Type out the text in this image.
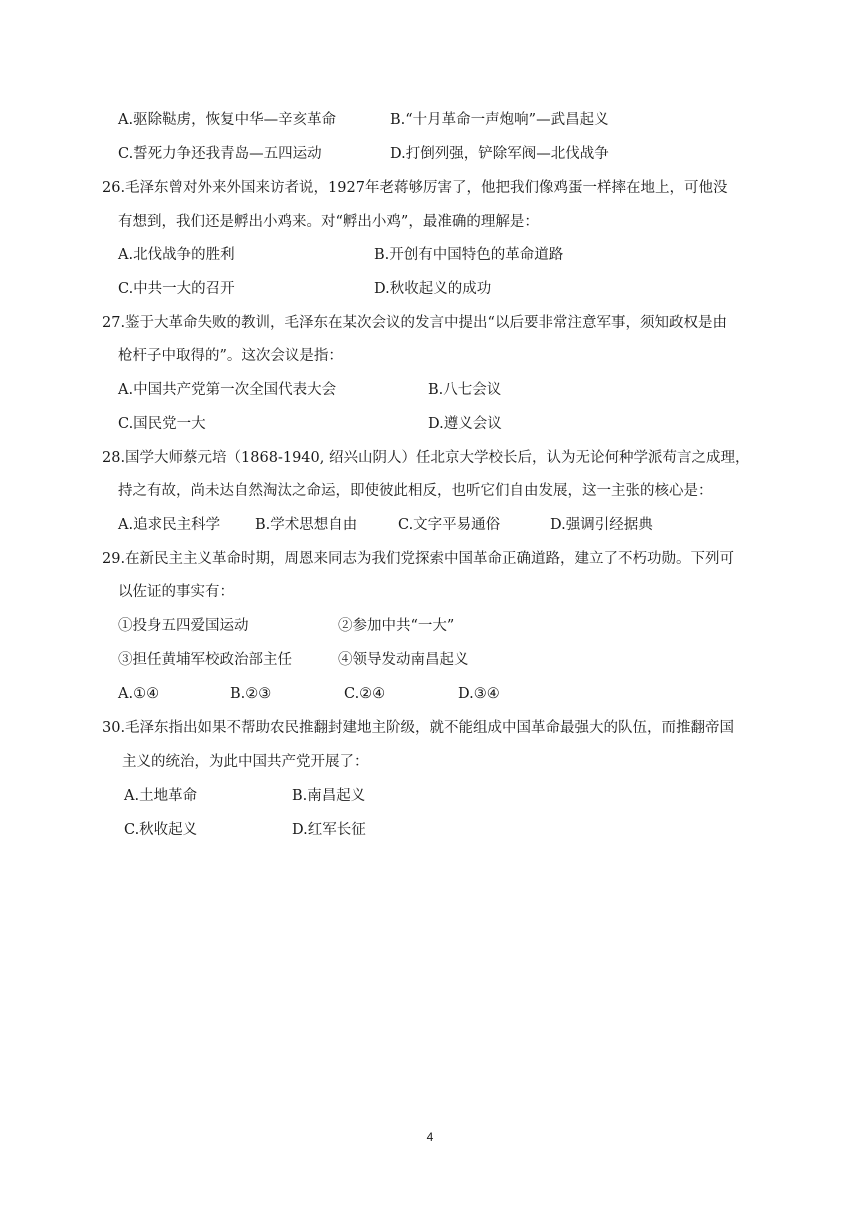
A.驱除鞑虏，恢复中华—辛亥革命	B.“十月革命一声炮响”—武昌起义
C.誓死力争还我青岛—五四运动	D.打倒列强，铲除军阀—北伐战争
26.毛泽东曾对外来外国来访者说，1927年老蒋够厉害了，他把我们像鸡蛋一样摔在地上，可他没
有想到，我们还是孵出小鸡来。对“孵出小鸡”，最准确的理解是：
A.北伐战争的胜利	B.开创有中国特色的革命道路
C.中共一大的召开	D.秋收起义的成功
27.鉴于大革命失败的教训，毛泽东在某次会议的发言中提出“以后要非常注意军事，须知政权是由
枪杆子中取得的”。这次会议是指：
A.中国共产党第一次全国代表大会	B.八七会议
C.国民党一大	D.遵义会议
28.国学大师蔡元培（1868-1940, 绍兴山阴人）任北京大学校长后，认为无论何种学派苟言之成理，
持之有故，尚未达自然淘汰之命运，即使彼此相反，也听它们自由发展，这一主张的核心是：
A.追求民主科学 B.学术思想自由	C.文字平易通俗	D.强调引经据典
29.在新民主主义革命时期，周恩来同志为我们党探索中国革命正确道路，建立了不朽功勋。下列可
以佐证的事实有：
①投身五四爱国运动	②参加中共“一大”
③担任黄埔军校政治部主任	④领导发动南昌起义
A.①④	B.②③	C.②④	D.③④
30.毛泽东指出如果不帮助农民推翻封建地主阶级，就不能组成中国革命最强大的队伍，而推翻帝国
主义的统治，为此中国共产党开展了：
A.土地革命	B.南昌起义
C.秋收起义	D.红军长征
4
